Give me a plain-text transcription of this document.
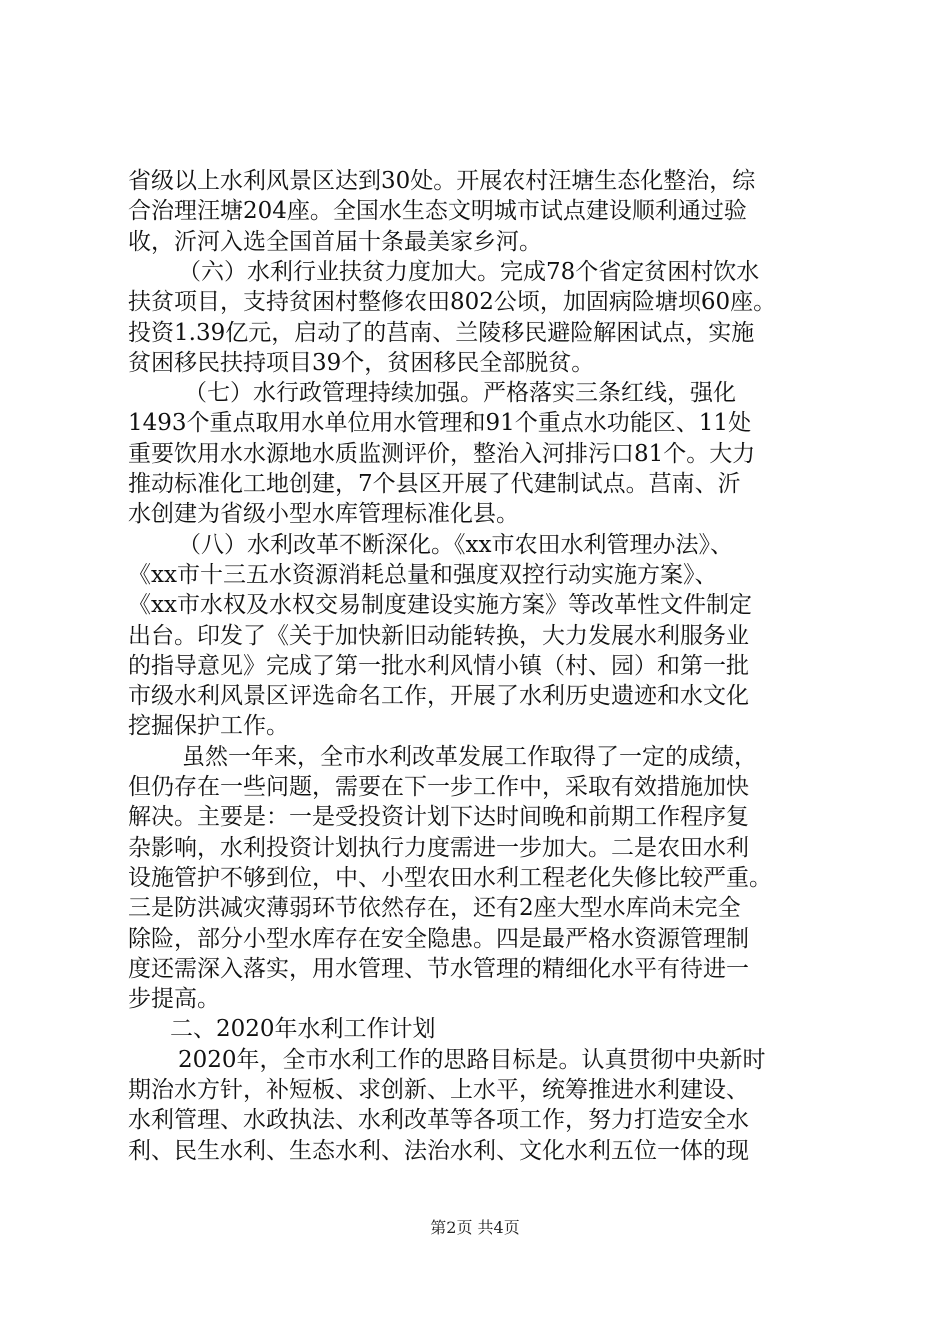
省级以上水利风景区达到30处。开展农村汪塘生态化整治，综
合治理汪塘204座。全国水生态文明城市试点建设顺利通过验
收，沂河入选全国首届十条最美家乡河。
（六）水利行业扶贫力度加大。完成78个省定贫困村饮水
扶贫项目，支持贫困村整修农田802公顷，加固病险塘坝60座。
投资1.39亿元，启动了的莒南、兰陵移民避险解困试点，实施
贫困移民扶持项目39个，贫困移民全部脱贫。
（七）水行政管理持续加强。严格落实三条红线，强化
1493个重点取用水单位用水管理和91个重点水功能区、11处
重要饮用水水源地水质监测评价，整治入河排污口81个。大力
推动标准化工地创建，7个县区开展了代建制试点。莒南、沂
水创建为省级小型水库管理标准化县。
（八）水利改革不断深化。《xx市农田水利管理办法》、
《xx市十三五水资源消耗总量和强度双控行动实施方案》、
《xx市水权及水权交易制度建设实施方案》等改革性文件制定
出台。印发了《关于加快新旧动能转换，大力发展水利服务业
的指导意见》完成了第一批水利风情小镇（村、园）和第一批
市级水利风景区评选命名工作，开展了水利历史遗迹和水文化
挖掘保护工作。
虽然一年来，全市水利改革发展工作取得了一定的成绩，
但仍存在一些问题，需要在下一步工作中，采取有效措施加快
解决。主要是：一是受投资计划下达时间晚和前期工作程序复
杂影响，水利投资计划执行力度需进一步加大。二是农田水利
设施管护不够到位，中、小型农田水利工程老化失修比较严重。
三是防洪减灾薄弱环节依然存在，还有2座大型水库尚未完全
除险，部分小型水库存在安全隐患。四是最严格水资源管理制
度还需深入落实，用水管理、节水管理的精细化水平有待进一
步提高。
二、2020年水利工作计划
2020年，全市水利工作的思路目标是。认真贯彻中央新时
期治水方针，补短板、求创新、上水平，统筹推进水利建设、
水利管理、水政执法、水利改革等各项工作，努力打造安全水
利、民生水利、生态水利、法治水利、文化水利五位一体的现
第2页 共4页
